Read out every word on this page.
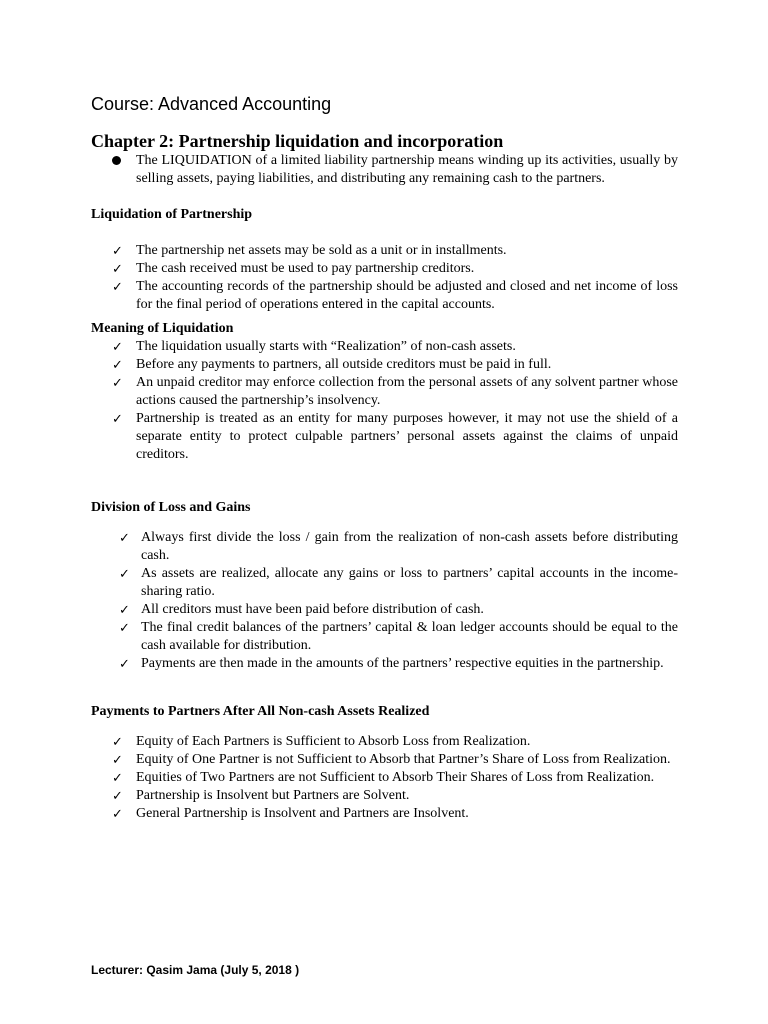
Course: Advanced Accounting
Chapter 2: Partnership liquidation and incorporation
The LIQUIDATION of a limited liability partnership means winding up its activities, usually by selling assets, paying liabilities, and distributing any remaining cash to the partners.
Liquidation of Partnership
✓ The partnership net assets may be sold as a unit or in installments.
✓ The cash received must be used to pay partnership creditors.
✓ The accounting records of the partnership should be adjusted and closed and net income of loss for the final period of operations entered in the capital accounts.
Meaning of Liquidation
✓ The liquidation usually starts with “Realization” of non-cash assets.
✓ Before any payments to partners, all outside creditors must be paid in full.
✓ An unpaid creditor may enforce collection from the personal assets of any solvent partner whose actions caused the partnership’s insolvency.
✓ Partnership is treated as an entity for many purposes however, it may not use the shield of a separate entity to protect culpable partners’ personal assets against the claims of unpaid creditors.
Division of Loss and Gains
✓ Always first divide the loss / gain from the realization of non-cash assets before distributing cash.
✓ As assets are realized, allocate any gains or loss to partners’ capital accounts in the income-sharing ratio.
✓ All creditors must have been paid before distribution of cash.
✓ The final credit balances of the partners’ capital & loan ledger accounts should be equal to the cash available for distribution.
✓ Payments are then made in the amounts of the partners’ respective equities in the partnership.
Payments to Partners After All Non-cash Assets Realized
✓ Equity of Each Partners is Sufficient to Absorb Loss from Realization.
✓ Equity of One Partner is not Sufficient to Absorb that Partner’s Share of Loss from Realization.
✓ Equities of Two Partners are not Sufficient to Absorb Their Shares of Loss from Realization.
✓ Partnership is Insolvent but Partners are Solvent.
✓ General Partnership is Insolvent and Partners are Insolvent.
Lecturer: Qasim Jama (July 5, 2018 )
